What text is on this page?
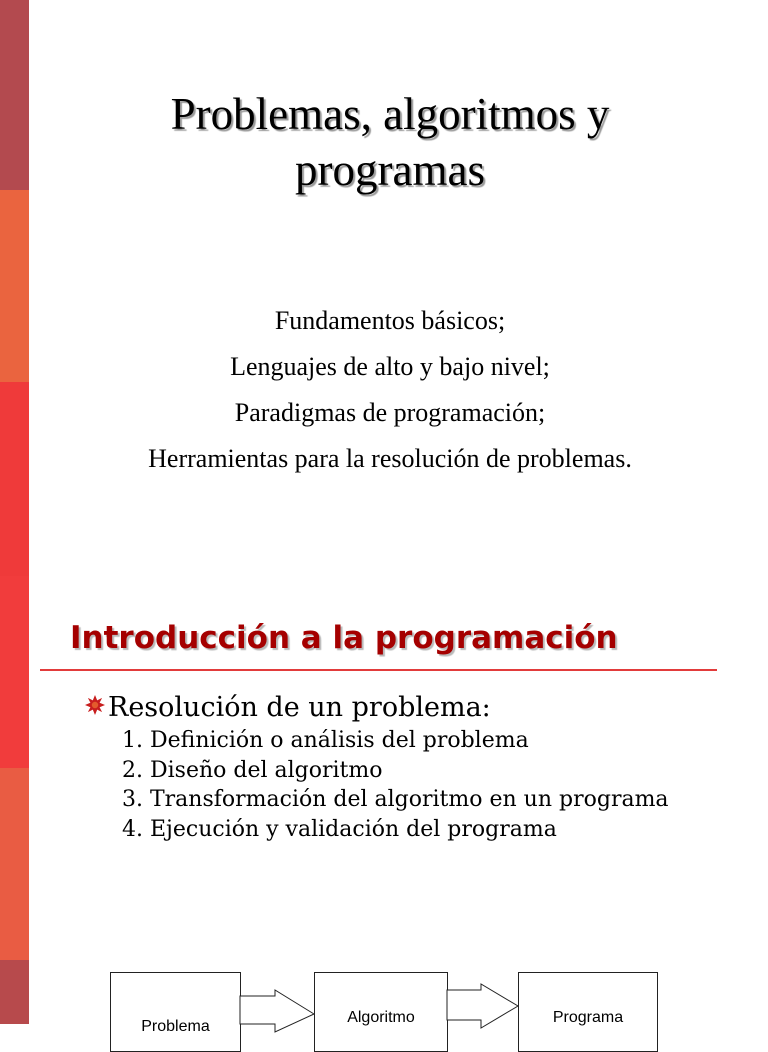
Problemas, algoritmos y
programas
Fundamentos básicos;
Lenguajes de alto y bajo nivel;
Paradigmas de programación;
Herramientas para la resolución de problemas.
Introducción a la programación
Resolución de un problema:
1. Definición o análisis del problema
2. Diseño del algoritmo
3. Transformación del algoritmo en un programa
4. Ejecución y validación del programa
Problema
Algoritmo	Programa
